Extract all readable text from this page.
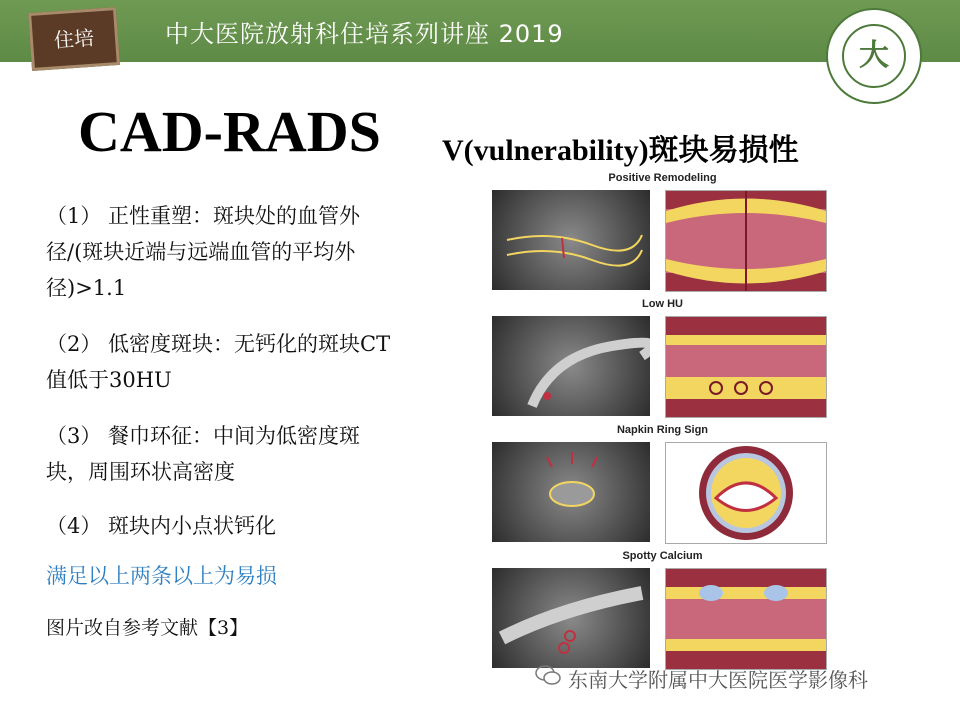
住培	中大医院放射科住培系列讲座 2019
大
CAD-RADS V(vulnerability)斑块易损性
（1） 正性重塑：斑块处的血管外径/(斑块近端与远端血管的平均外径)>1.1
（2） 低密度斑块：无钙化的斑块CT值低于30HU
（3） 餐巾环征：中间为低密度斑块，周围环状高密度
（4） 斑块内小点状钙化
满足以上两条以上为易损
图片改自参考文献【3】
Positive Remodeling
Low HU
Napkin Ring Sign
Spotty Calcium
东南大学附属中大医院医学影像科
